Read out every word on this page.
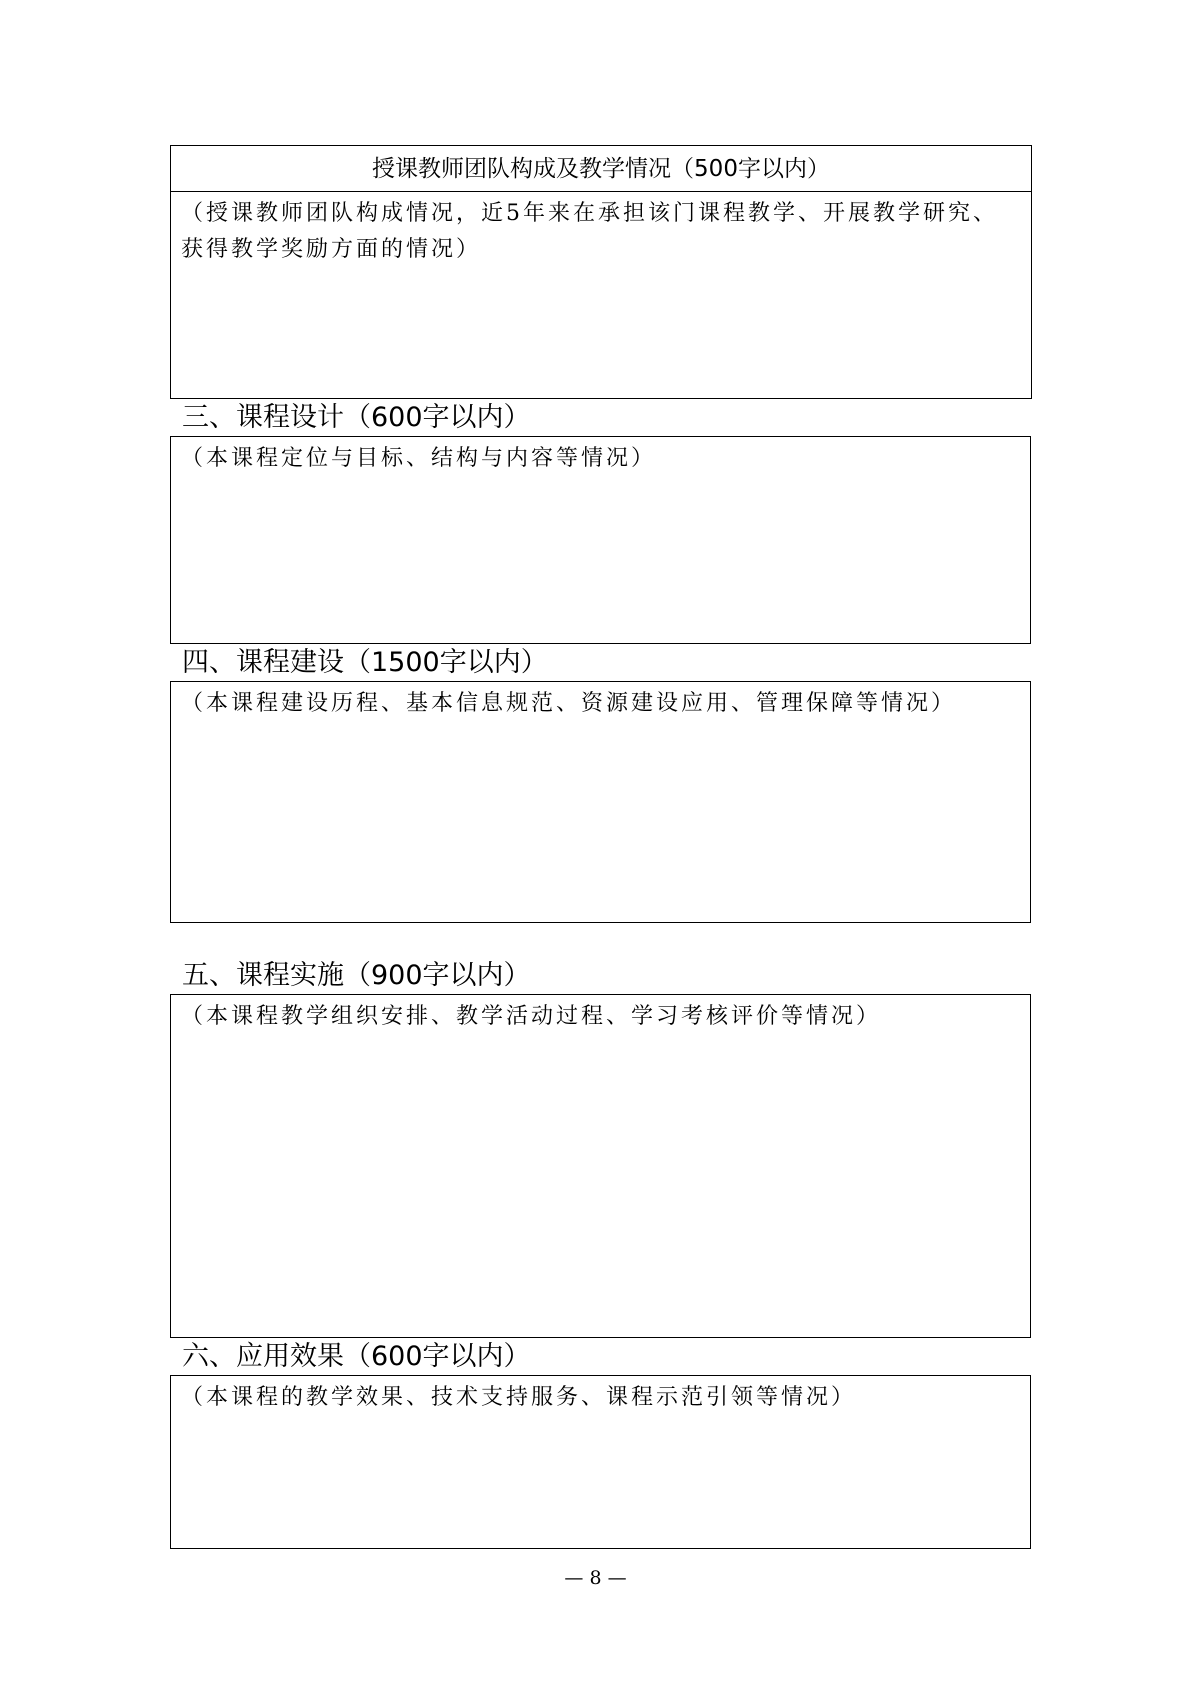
授课教师团队构成及教学情况（500字以内）
（授课教师团队构成情况，近5年来在承担该门课程教学、开展教学研究、获得教学奖励方面的情况）
三、课程设计（600字以内）
（本课程定位与目标、结构与内容等情况）
四、课程建设（1500字以内）
（本课程建设历程、基本信息规范、资源建设应用、管理保障等情况）
五、课程实施（900字以内）
（本课程教学组织安排、教学活动过程、学习考核评价等情况）
六、应用效果（600字以内）
（本课程的教学效果、技术支持服务、课程示范引领等情况）
— 8 —
